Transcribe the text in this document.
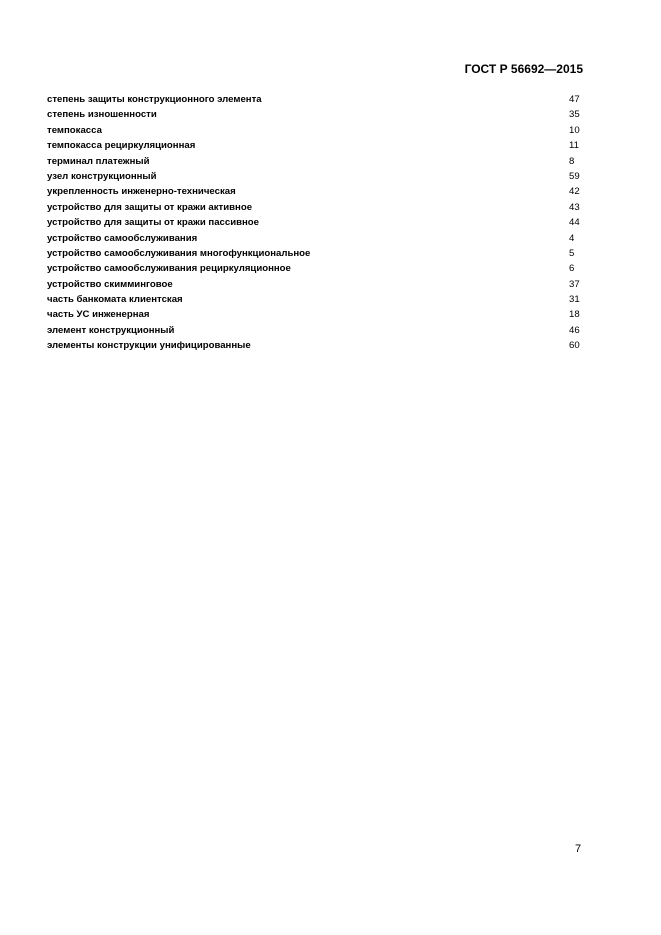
ГОСТ Р 56692—2015
степень защиты конструкционного элемента	47
степень изношенности	35
темпокасса	10
темпокасса рециркуляционная	11
терминал платежный	8
узел конструкционный	59
укрепленность инженерно-техническая	42
устройство для защиты от кражи активное	43
устройство для защиты от кражи пассивное	44
устройство самообслуживания	4
устройство самообслуживания многофункциональное	5
устройство самообслуживания рециркуляционное	6
устройство скимминговое	37
часть банкомата клиентская	31
часть УС инженерная	18
элемент конструкционный	46
элементы конструкции унифицированные	60
7
